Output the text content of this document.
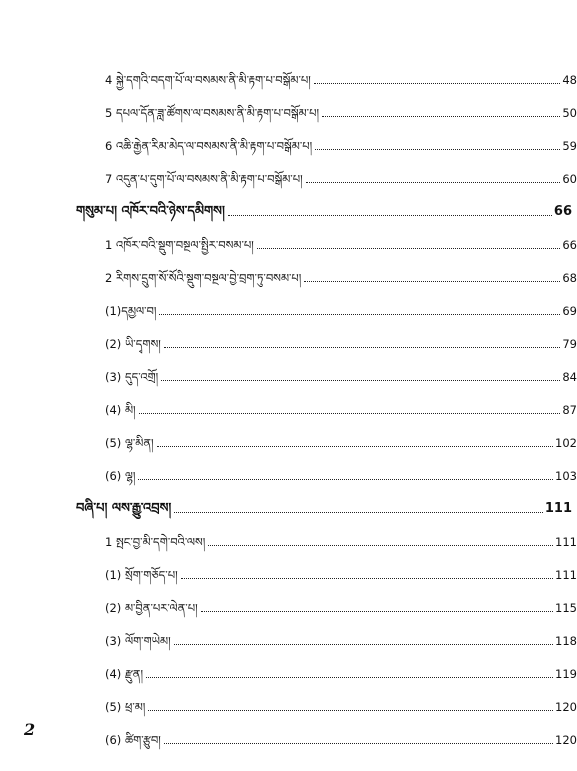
4 སྐྱེ་དགའི་བདག་པོ་ལ་བསམས་ནི་མི་རྟག་པ་བསྒོམ་པ།	48
5 དཔལ་དོན་ཟླ་ཚོགས་ལ་བསམས་ནི་མི་རྟག་པ་བསྒོམ་པ།	50
6 འཆི་རྒྱེན་རིམ་མེད་ལ་བསམས་ནི་མི་རྟག་པ་བསྒོམ་པ།	59
7 འདུན་པ་དུག་པོ་ལ་བསམས་ནི་མི་རྟག་པ་བསྒོམ་པ།	60
གསུམ་པ། འཁོར་བའི་ཉེས་དམིགས།	66
1 འཁོར་བའི་སྡུག་བསྔལ་སྤྱིར་བསམ་པ།	66
2 རིགས་དྲུག་སོ་སོའི་སྡུག་བསྔལ་བྱེ་བྲག་ཏུ་བསམ་པ།	68
(1)དམྱལ་བ།	69
(2) ཡི་དྭགས།	79
(3) དུད་འགྲོ།	84
(4) མི།	87
(5) ལྷ་མིན།	102
(6) ལྷ།	103
བཞི་པ། ལས་རྒྱུ་འབྲས།	111
1 སྤང་བྱ་མི་དགེ་བའི་ལས།	111
(1) སྲོག་གཅོད་པ།	111
(2) མ་བྱིན་པར་ལེན་པ།	115
(3) ལོག་གཡེམ།	118
(4) རྫུན།	119
(5) ཕྲ་མ།	120
(6) ཚིག་རྩུབ།	120
2
